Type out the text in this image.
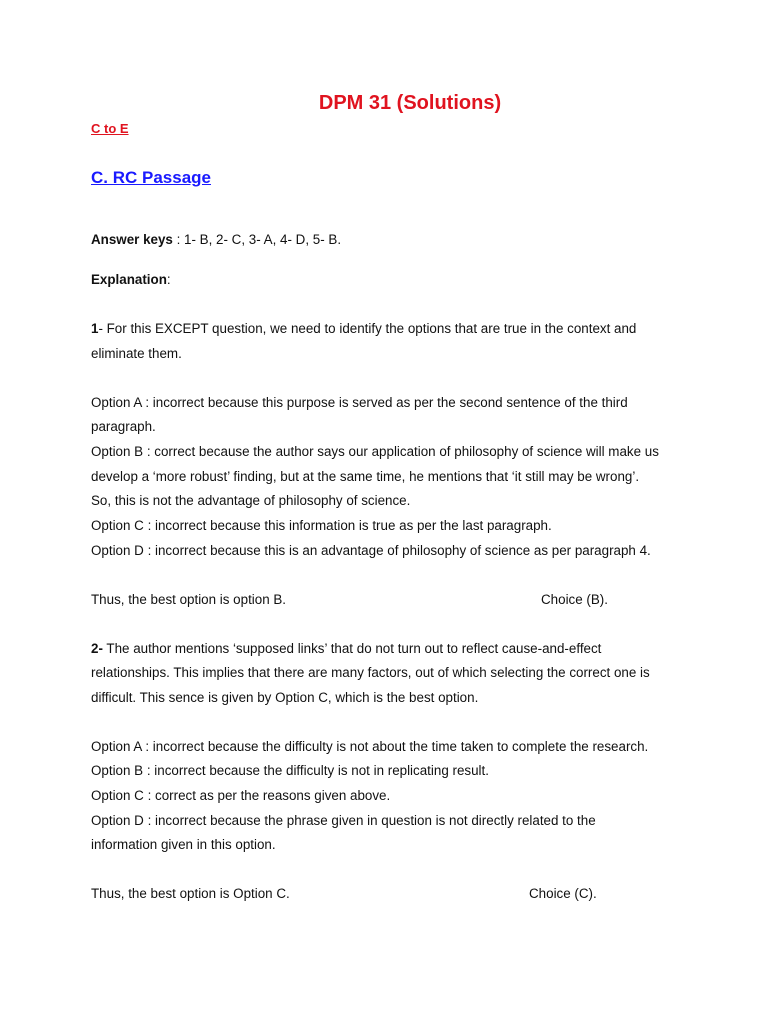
DPM 31 (Solutions)
C to E
C. RC Passage
Answer keys : 1- B, 2- C, 3- A, 4- D, 5- B.
Explanation:
1- For this EXCEPT question, we need to identify the options that are true in the context and
eliminate them.
Option A : incorrect because this purpose is served as per the second sentence of the third
paragraph.
Option B : correct because the author says our application of philosophy of science will make us
develop a ‘more robust’ finding, but at the same time, he mentions that ‘it still may be wrong’.
So, this is not the advantage of philosophy of science.
Option C : incorrect because this information is true as per the last paragraph.
Option D : incorrect because this is an advantage of philosophy of science as per paragraph 4.
Thus, the best option is option B.	Choice (B).
2- The author mentions ‘supposed links’ that do not turn out to reflect cause-and-effect
relationships. This implies that there are many factors, out of which selecting the correct one is
difficult. This sence is given by Option C, which is the best option.
Option A : incorrect because the difficulty is not about the time taken to complete the research.
Option B : incorrect because the difficulty is not in replicating result.
Option C : correct as per the reasons given above.
Option D : incorrect because the phrase given in question is not directly related to the
information given in this option.
Thus, the best option is Option C.	Choice (C).
